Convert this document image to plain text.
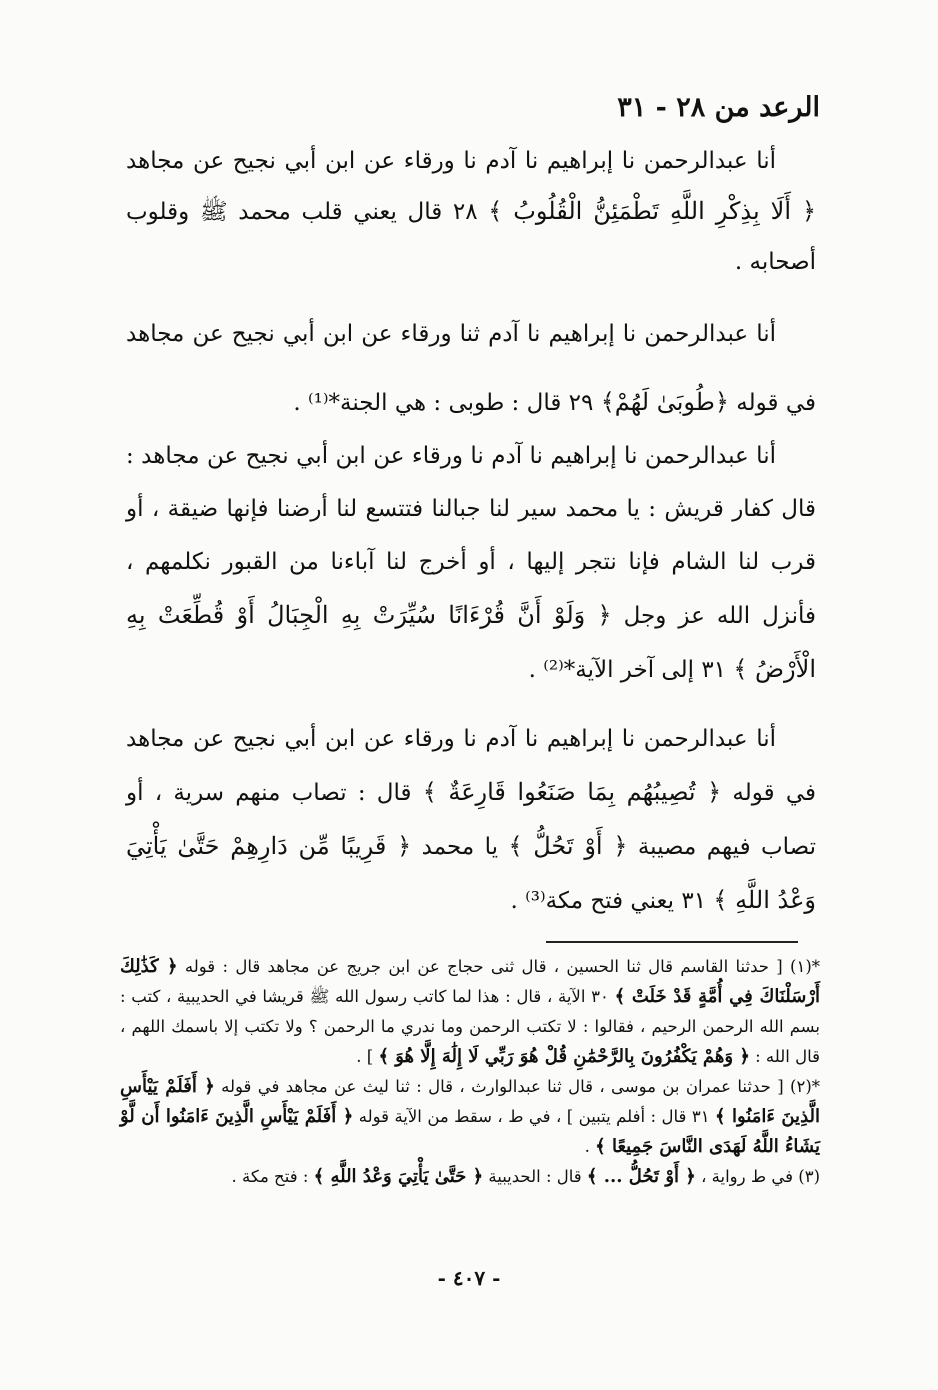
الرعد من ٢٨ - ٣١

أنا عبدالرحمن نا إبراهيم نا آدم نا ورقاء عن ابن أبي نجيح عن مجاهد ﴿ أَلَا بِذِكْرِ اللَّهِ تَطْمَئِنُّ الْقُلُوبُ ﴾ ٢٨ قال يعني قلب محمد ﷺ وقلوب أصحابه .

أنا عبدالرحمن نا إبراهيم نا آدم ثنا ورقاء عن ابن أبي نجيح عن مجاهد في قوله ﴿طُوبَىٰ لَهُمْ﴾ ٢٩ قال : طوبى : هي الجنة*⁽¹⁾ .

أنا عبدالرحمن نا إبراهيم نا آدم نا ورقاء عن ابن أبي نجيح عن مجاهد : قال كفار قريش : يا محمد سير لنا جبالنا فتتسع لنا أرضنا فإنها ضيقة ، أو قرب لنا الشام فإنا نتجر إليها ، أو أخرج لنا آباءنا من القبور نكلمهم ، فأنزل الله عز وجل ﴿ وَلَوْ أَنَّ قُرْءَانًا سُيِّرَتْ بِهِ الْجِبَالُ أَوْ قُطِّعَتْ بِهِ الْأَرْضُ ﴾ ٣١ إلى آخر الآية*⁽²⁾ .

أنا عبدالرحمن نا إبراهيم نا آدم نا ورقاء عن ابن أبي نجيح عن مجاهد في قوله ﴿ تُصِيبُهُم بِمَا صَنَعُوا قَارِعَةٌ ﴾ قال : تصاب منهم سرية ، أو تصاب فيهم مصيبة ﴿ أَوْ تَحُلُّ ﴾ يا محمد ﴿ قَرِيبًا مِّن دَارِهِمْ حَتَّىٰ يَأْتِيَ وَعْدُ اللَّهِ ﴾ ٣١ يعني فتح مكة⁽³⁾ .

*(١) [ حدثنا القاسم قال ثنا الحسين ، قال ثنى حجاج عن ابن جريج عن مجاهد قال : قوله ﴿ كَذَٰلِكَ أَرْسَلْنَاكَ فِي أُمَّةٍ قَدْ خَلَتْ ﴾ ٣٠ الآية ، قال : هذا لما كاتب رسول الله ﷺ قريشا في الحديبية ، كتب : بسم الله الرحمن الرحيم ، فقالوا : لا تكتب الرحمن وما ندري ما الرحمن ؟ ولا تكتب إلا باسمك اللهم ، قال الله : ﴿ وَهُمْ يَكْفُرُونَ بِالرَّحْمَٰنِ قُلْ هُوَ رَبِّي لَا إِلَٰهَ إِلَّا هُوَ ﴾ ] .

*(٢) [ حدثنا عمران بن موسى ، قال ثنا عبدالوارث ، قال : ثنا ليث عن مجاهد في قوله ﴿ أَفَلَمْ يَيْأَسِ الَّذِينَ ءَامَنُوا ﴾ ٣١ قال : أفلم يتبين ] ، في ط ، سقط من الآية قوله ﴿ أَفَلَمْ يَيْأَسِ الَّذِينَ ءَامَنُوا أَن لَّوْ يَشَاءُ اللَّهُ لَهَدَى النَّاسَ جَمِيعًا ﴾ .

(٣) في ط رواية ، ﴿ أَوْ تَحُلُّ ... ﴾ قال : الحديبية ﴿ حَتَّىٰ يَأْتِيَ وَعْدُ اللَّهِ ﴾ : فتح مكة .

- ٤٠٧ -
